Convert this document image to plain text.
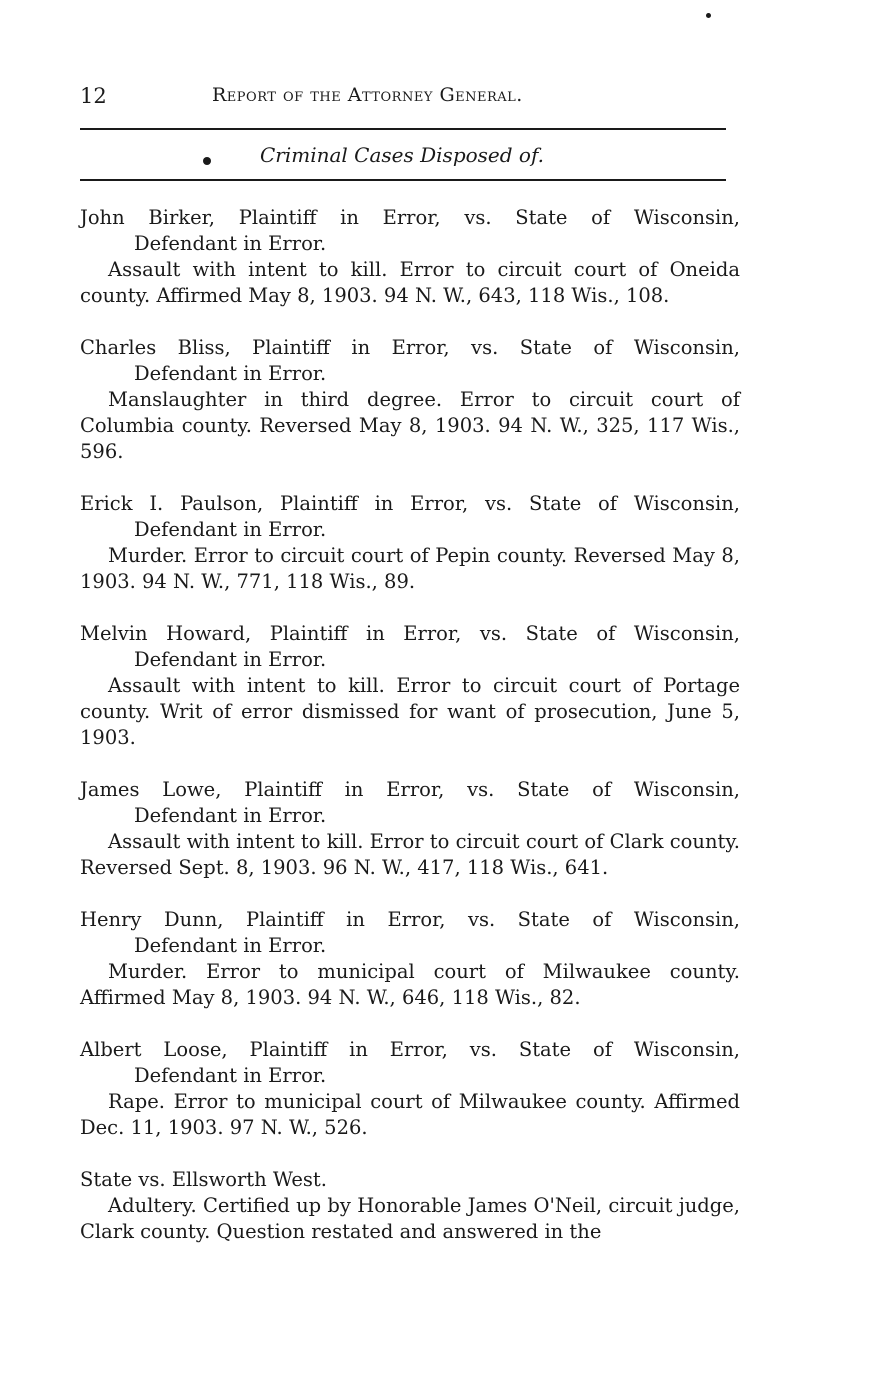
12	Report of the Attorney General.
Criminal Cases Disposed of.
John Birker, Plaintiff in Error, vs. State of Wisconsin,
Defendant in Error.
Assault with intent to kill. Error to circuit court of Oneida county. Affirmed May 8, 1903. 94 N. W., 643, 118 Wis., 108.
Charles Bliss, Plaintiff in Error, vs. State of Wisconsin,
Defendant in Error.
Manslaughter in third degree. Error to circuit court of Columbia county. Reversed May 8, 1903. 94 N. W., 325, 117 Wis., 596.
Erick I. Paulson, Plaintiff in Error, vs. State of Wisconsin,
Defendant in Error.
Murder. Error to circuit court of Pepin county. Reversed May 8, 1903. 94 N. W., 771, 118 Wis., 89.
Melvin Howard, Plaintiff in Error, vs. State of Wisconsin,
Defendant in Error.
Assault with intent to kill. Error to circuit court of Portage county. Writ of error dismissed for want of prosecution, June 5, 1903.
James Lowe, Plaintiff in Error, vs. State of Wisconsin,
Defendant in Error.
Assault with intent to kill. Error to circuit court of Clark county. Reversed Sept. 8, 1903. 96 N. W., 417, 118 Wis., 641.
Henry Dunn, Plaintiff in Error, vs. State of Wisconsin,
Defendant in Error.
Murder. Error to municipal court of Milwaukee county. Affirmed May 8, 1903. 94 N. W., 646, 118 Wis., 82.
Albert Loose, Plaintiff in Error, vs. State of Wisconsin,
Defendant in Error.
Rape. Error to municipal court of Milwaukee county. Affirmed Dec. 11, 1903. 97 N. W., 526.
State vs. Ellsworth West.
Adultery. Certified up by Honorable James O'Neil, circuit judge, Clark county. Question restated and answered in the
